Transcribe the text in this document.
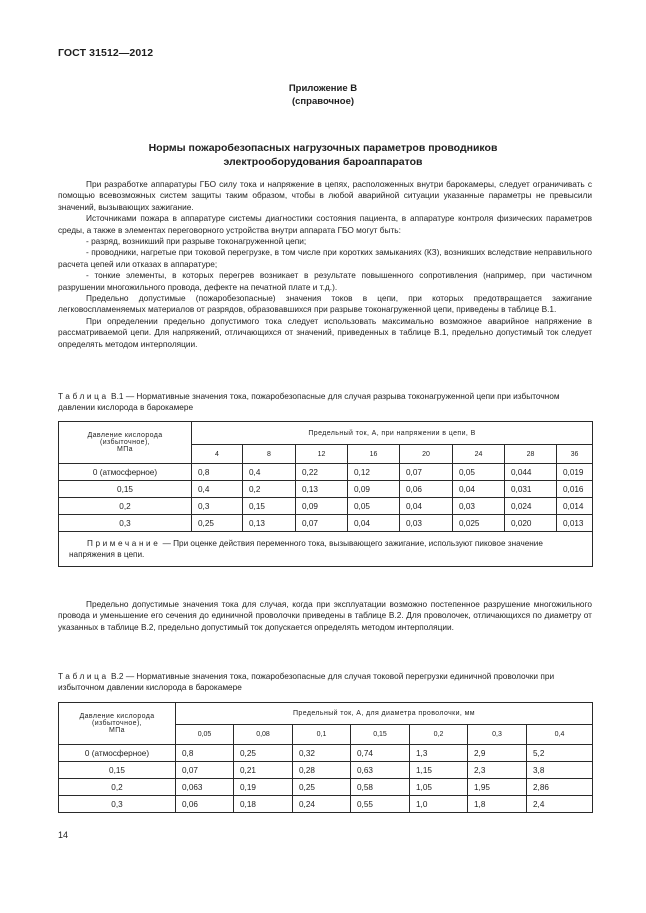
ГОСТ 31512—2012
Приложение В
(справочное)
Нормы пожаробезопасных нагрузочных параметров проводников
электрооборудования бароаппаратов

При разработке аппаратуры ГБО силу тока и напряжение в цепях, расположенных внутри барокамеры, следует ограничивать с помощью всевозможных систем защиты таким образом, чтобы в любой аварийной ситуации указанные параметры не превысили значений, вызывающих зажигание.

Источниками пожара в аппаратуре системы диагностики состояния пациента, в аппаратуре контроля физических параметров среды, а также в элементах переговорного устройства внутри аппарата ГБО могут быть:

- разряд, возникший при разрыве токонагруженной цепи;

- проводники, нагретые при токовой перегрузке, в том числе при коротких замыканиях (КЗ), возникших вследствие неправильного расчета цепей или отказах в аппаратуре;

- тонкие элементы, в которых перегрев возникает в результате повышенного сопротивления (например, при частичном разрушении многожильного провода, дефекте на печатной плате и т.д.).

Предельно допустимые (пожаробезопасные) значения токов в цепи, при которых предотвращается зажигание легковоспламеняемых материалов от разрядов, образовавшихся при разрыве токонагруженной цепи, приведены в таблице В.1.

При определении предельно допустимого тока следует использовать максимально возможное аварийное напряжение в рассматриваемой цепи. Для напряжений, отличающихся от значений, приведенных в таблице В.1, предельно допустимый ток следует определять методом интерполяции.

Таблица В.1 — Нормативные значения тока, пожаробезопасные для случая разрыва токонагруженной цепи при избыточном давлении кислорода в барокамере
Давление кислорода
(избыточное),
МПа	Предельный ток, А, при напряжении в цепи, В							
	4	8	12	16	20	24	28	36
0 (атмосферное)	0,8	0,4	0,22	0,12	0,07	0,05	0,044	0,019
0,15	0,4	0,2	0,13	0,09	0,06	0,04	0,031	0,016
0,2	0,3	0,15	0,09	0,05	0,04	0,03	0,024	0,014
0,3	0,25	0,13	0,07	0,04	0,03	0,025	0,020	0,013
Примечание — При оценке действия переменного тока, вызывающего зажигание, используют пиковое значение напряжения в цепи.								

Предельно допустимые значения тока для случая, когда при эксплуатации возможно постепенное разрушение многожильного провода и уменьшение его сечения до единичной проволочки приведены в таблице В.2. Для проволочек, отличающихся по диаметру от указанных в таблице В.2, предельно допустимый ток допускается определять методом интерполяции.

Таблица В.2 — Нормативные значения тока, пожаробезопасные для случая токовой перегрузки единичной проволочки при избыточном давлении кислорода в барокамере
Давление кислорода
(избыточное),
МПа	Предельный ток, А, для диаметра проволочки, мм						
	0,05	0,08	0,1	0,15	0,2	0,3	0,4
0 (атмосферное)	0,8	0,25	0,32	0,74	1,3	2,9	5,2
0,15	0,07	0,21	0,28	0,63	1,15	2,3	3,8
0,2	0,063	0,19	0,25	0,58	1,05	1,95	2,86
0,3	0,06	0,18	0,24	0,55	1,0	1,8	2,4
14
